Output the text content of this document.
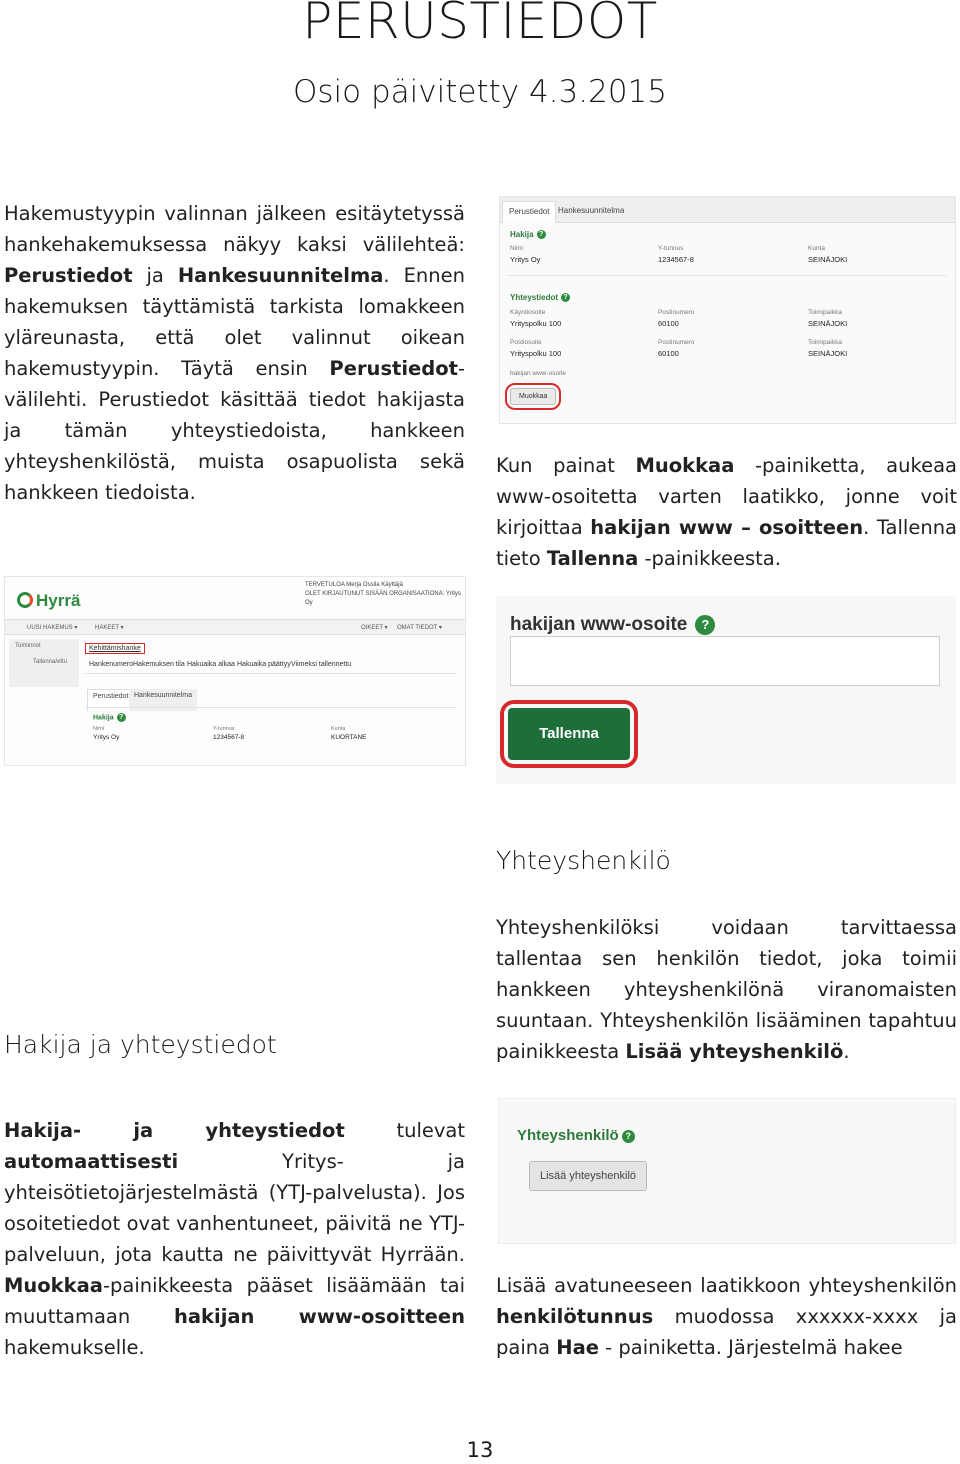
PERUSTIEDOT
Osio päivitetty 4.3.2015

Hakemustyypin valinnan jälkeen esitäytetyssä hankehakemuksessa näkyy kaksi välilehteä: Perustiedot ja Hankesuunnitelma. Ennen hakemuksen täyttämistä tarkista lomakkeen yläreunasta, että olet valinnut oikean hakemustyypin. Täytä ensin Perustiedot-välilehti. Perustiedot käsittää tiedot hakijasta ja tämän yhteystiedoista, hankkeen yhteyshenkilöstä, muista osapuolista sekä hankkeen tiedoista.

Perustiedot	Hankesuunnitelma
Hakija ?
Nimi
Yritys Oy
Y-tunnus
1234567-8
Kunta
SEINÄJOKI
Yhteystiedot ?
Käyntiosoite
Yrityspolku 100
Postinumero
60100
Toimipaikka
SEINÄJOKI
Postiosoite
Yrityspolku 100
Postinumero
60100
Toimipaikka
SEINÄJOKI
hakijan www-osoite
Muokkaa

Kun painat Muokkaa -painiketta, aukeaa www-osoitetta varten laatikko, jonne voit kirjoittaa hakijan www – osoitteen. Tallenna tieto Tallenna -painikkeesta.

Hyrrä
TERVETULOA Merja Ossila Käyttäjä
OLET KIRJAUTUNUT SISÄÄN ORGANISAATIONA: Yritys Oy
UUSI HAKEMUS ▾	HAKEET ▾	OIKEET ▾ OMAT TIEDOT ▾
Toiminnot
Tallenna/ettu
Kehittämishanke
Hankenumero Hakemuksen tila Hakuaika alkaa Hakuaika päättyy Viimeksi tallennettu
Perustiedot Hankesuunnitelma
Hakija ?
Nimi
Yritys Oy
Y-tunnus
1234567-8
Kunta
KUORTANE
hakijan www-osoite ?
Tallenna
Yhteyshenkilö

Yhteyshenkilöksi voidaan tarvittaessa tallentaa sen henkilön tiedot, joka toimii hankkeen yhteyshenkilönä viranomaisten suuntaan. Yhteyshenkilön lisääminen tapahtuu painikkeesta Lisää yhteyshenkilö.

Hakija ja yhteystiedot

Hakija- ja yhteystiedot tulevat automaattisesti Yritys- ja yhteisötietojärjestelmästä (YTJ-palvelusta). Jos osoitetiedot ovat vanhentuneet, päivitä ne YTJ-palveluun, jota kautta ne päivittyvät Hyrrään. Muokkaa-painikkeesta pääset lisäämään tai muuttamaan hakijan www-osoitteen hakemukselle.

Yhteyshenkilö ?
Lisää yhteyshenkilö

Lisää avatuneeseen laatikkoon yhteyshenkilön henkilötunnus muodossa xxxxxx-xxxx ja paina Hae - painiketta. Järjestelmä hakee

13
